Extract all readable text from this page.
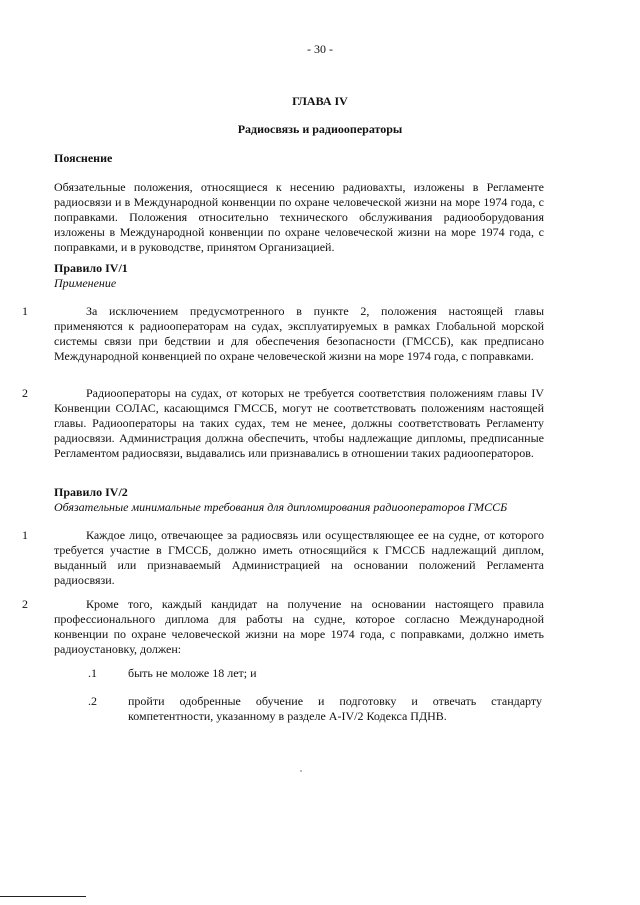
- 30 -
ГЛАВА IV
Радиосвязь и радиооператоры
Пояснение

Обязательные положения, относящиеся к несению радиовахты, изложены в Регламенте радиосвязи и в Международной конвенции по охране человеческой жизни на море 1974 года, с поправками. Положения относительно технического обслуживания радиооборудования изложены в Международной конвенции по охране человеческой жизни на море 1974 года, с поправками, и в руководстве, принятом Организацией.

Правило IV/1
Применение

1	За исключением предусмотренного в пункте 2, положения настоящей главы применяются к радиооператорам на судах, эксплуатируемых в рамках Глобальной морской системы связи при бедствии и для обеспечения безопасности (ГМССБ), как предписано Международной конвенцией по охране человеческой жизни на море 1974 года, с поправками.

2	Радиооператоры на судах, от которых не требуется соответствия положениям главы IV Конвенции СОЛАС, касающимся ГМССБ, могут не соответствовать положениям настоящей главы. Радиооператоры на таких судах, тем не менее, должны соответствовать Регламенту радиосвязи. Администрация должна обеспечить, чтобы надлежащие дипломы, предписанные Регламентом радиосвязи, выдавались или признавались в отношении таких радиооператоров.

Правило IV/2
Обязательные минимальные требования для дипломирования радиооператоров ГМССБ

1	Каждое лицо, отвечающее за радиосвязь или осуществляющее ее на судне, от которого требуется участие в ГМССБ, должно иметь относящийся к ГМССБ надлежащий диплом, выданный или признаваемый Администрацией на основании положений Регламента радиосвязи.

2	Кроме того, каждый кандидат на получение на основании настоящего правила профессионального диплома для работы на судне, которое согласно Международной конвенции по охране человеческой жизни на море 1974 года, с поправками, должно иметь радиоустановку, должен:

.1	быть не моложе 18 лет; и
.2	пройти одобренные обучение и подготовку и отвечать стандарту компетентности, указанному в разделе A-IV/2 Кодекса ПДНВ.
